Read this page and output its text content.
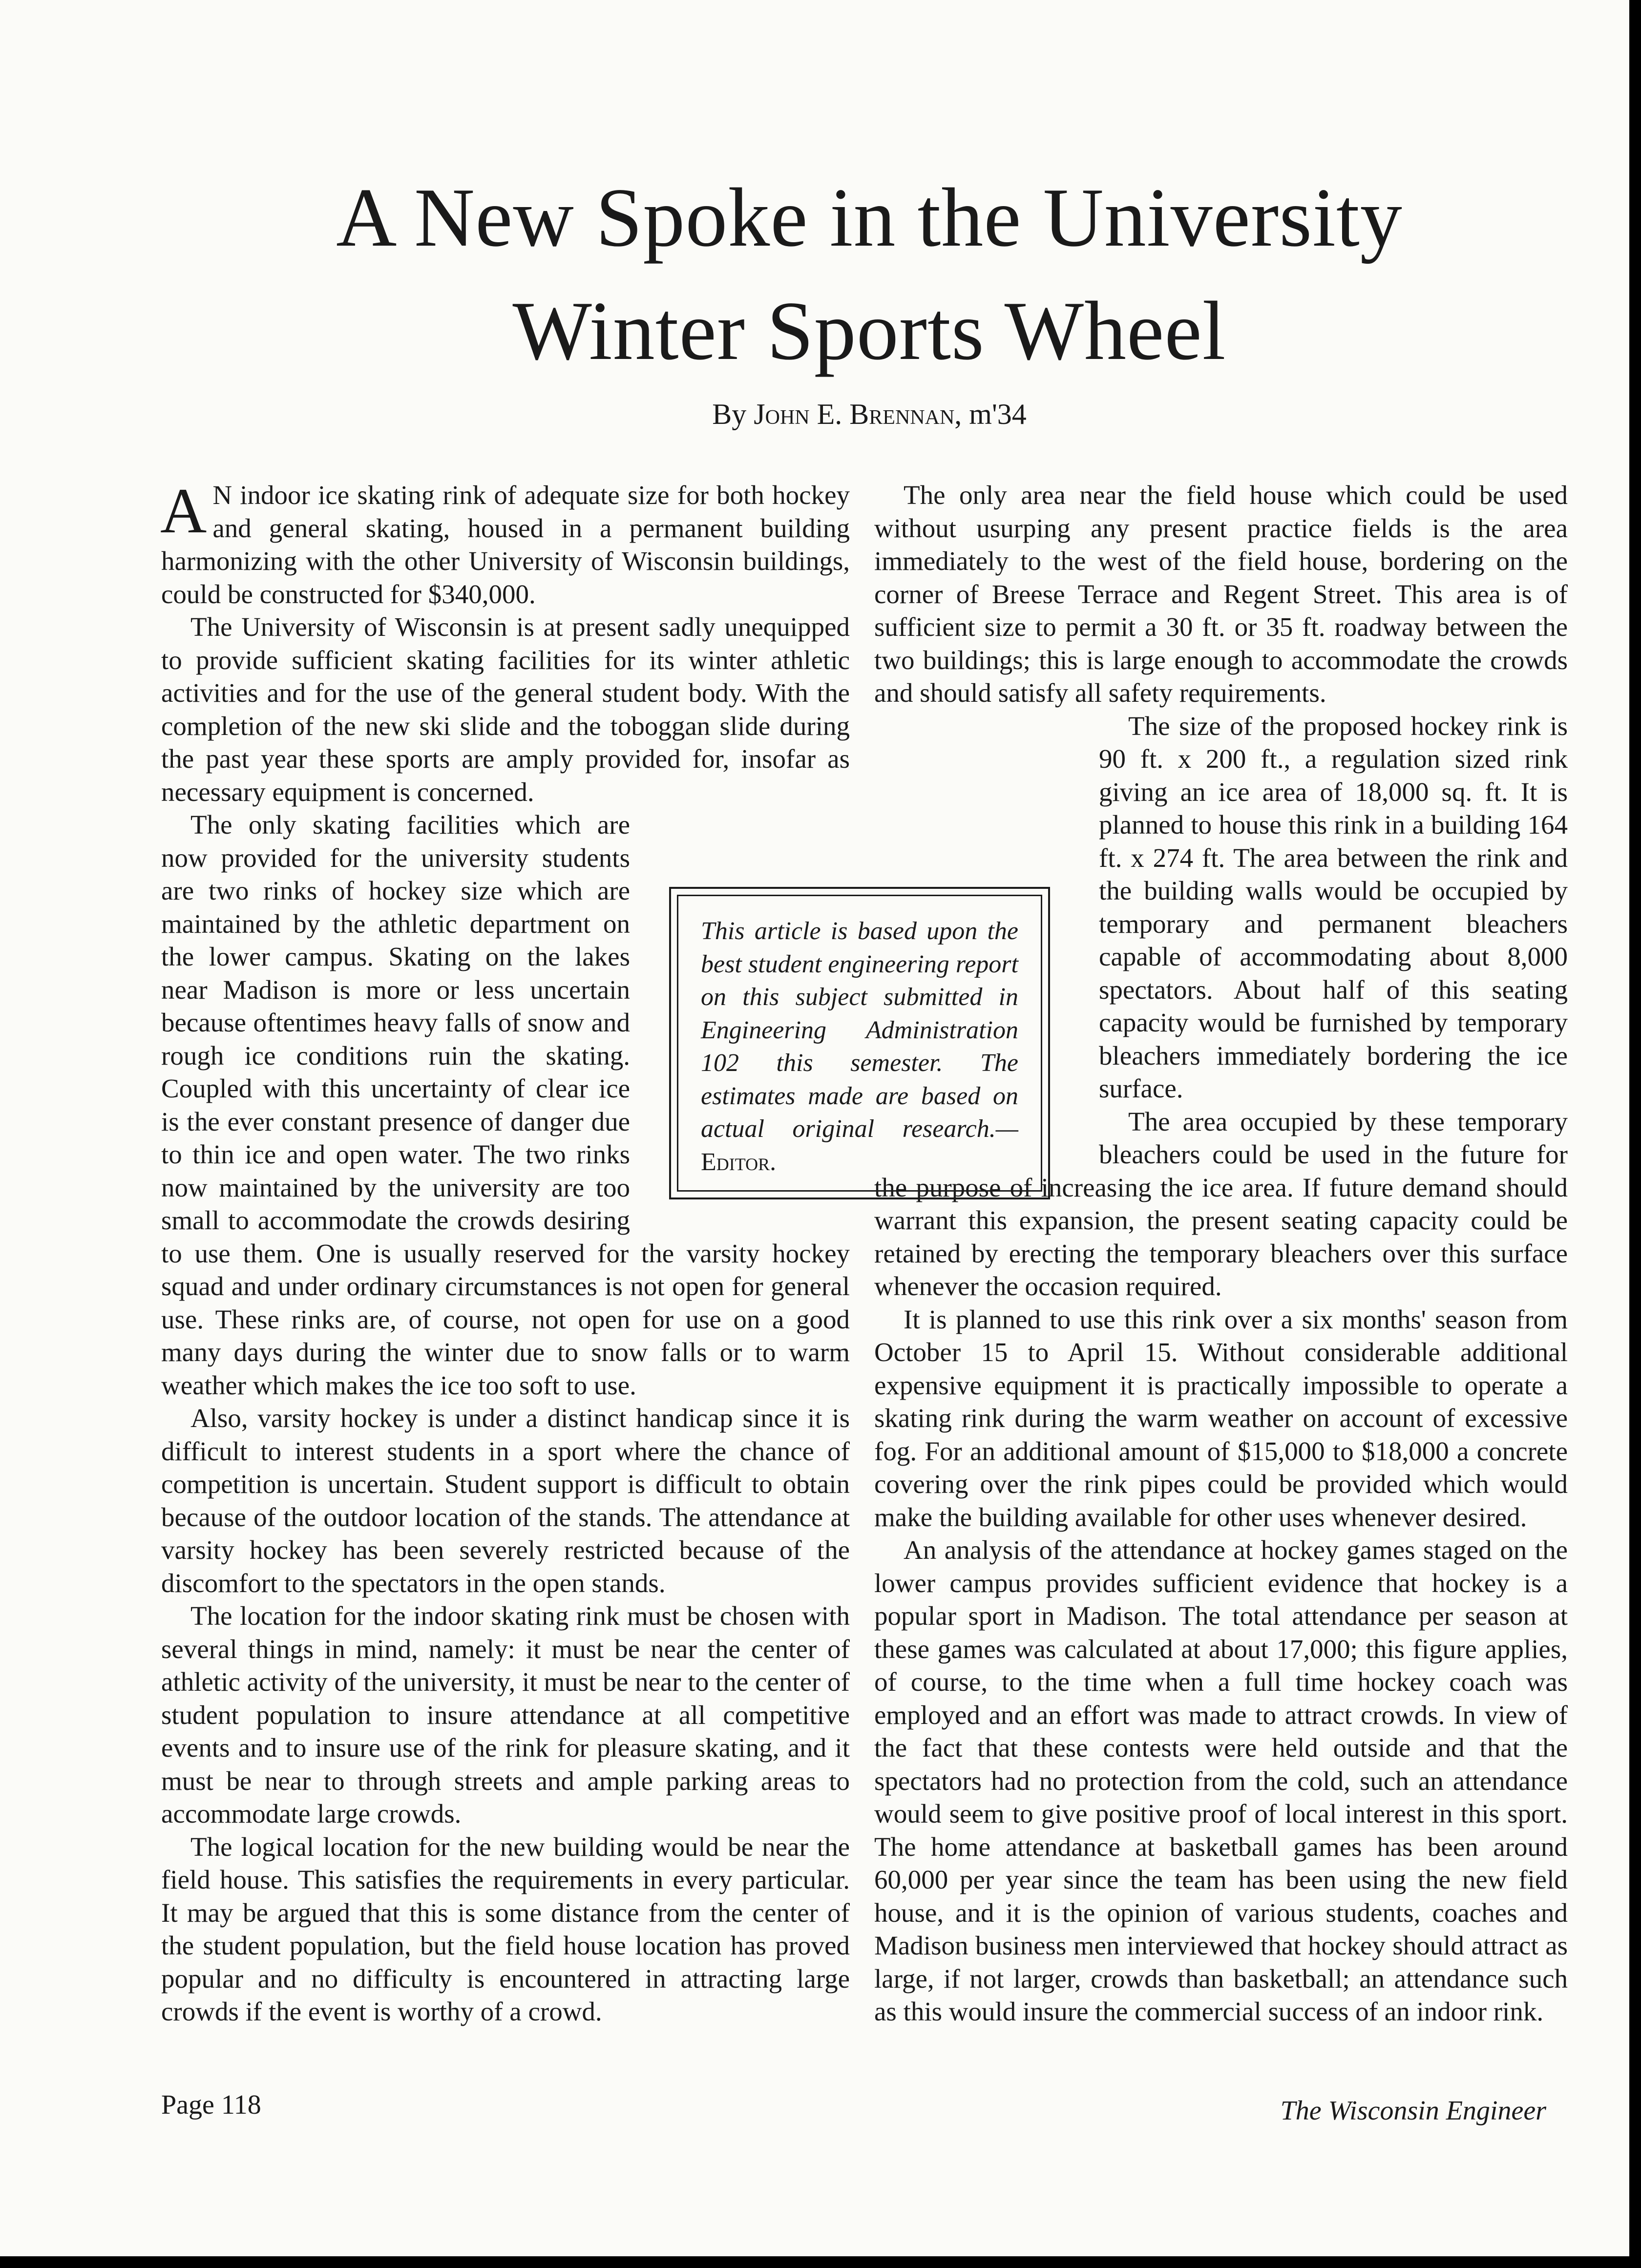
A New Spoke in the University
Winter Sports Wheel
By John E. Brennan, m'34

A N indoor ice skating rink of adequate size for both hockey and general skating, housed in a permanent building harmonizing with the other University of Wisconsin buildings, could be constructed for $340,000.

The University of Wisconsin is at present sadly unequipped to provide sufficient skating facilities for its winter athletic activities and for the use of the general student body. With the completion of the new ski slide and the toboggan slide during the past year these sports are amply provided for, insofar as necessary equipment is concerned.

The only skating facilities which are now provided for the university students are two rinks of hockey size which are maintained by the athletic department on the lower campus. Skating on the lakes near Madison is more or less uncertain because oftentimes heavy falls of snow and rough ice conditions ruin the skating. Coupled with this uncertainty of clear ice is the ever constant presence of danger due to thin ice and open water. The two rinks now maintained by the university are too small to accommodate the crowds desiring to use them. One is usually reserved for the varsity hockey squad and under ordinary circumstances is not open for general use. These rinks are, of course, not open for use on a good many days during the winter due to snow falls or to warm weather which makes the ice too soft to use.

Also, varsity hockey is under a distinct handicap since it is difficult to interest students in a sport where the chance of competition is uncertain. Student support is difficult to obtain because of the outdoor location of the stands. The attendance at varsity hockey has been severely restricted because of the discomfort to the spectators in the open stands.

The location for the indoor skating rink must be chosen with several things in mind, namely: it must be near the center of athletic activity of the university, it must be near to the center of student population to insure attendance at all competitive events and to insure use of the rink for pleasure skating, and it must be near to through streets and ample parking areas to accommodate large crowds.

The logical location for the new building would be near the field house. This satisfies the requirements in every particular. It may be argued that this is some distance from the center of the student population, but the field house location has proved popular and no difficulty is encountered in attracting large crowds if the event is worthy of a crowd.

The only area near the field house which could be used without usurping any present practice fields is the area immediately to the west of the field house, bordering on the corner of Breese Terrace and Regent Street. This area is of sufficient size to permit a 30 ft. or 35 ft. roadway between the two buildings; this is large enough to accommodate the crowds and should satisfy all safety requirements.

The size of the proposed hockey rink is 90 ft. x 200 ft., a regulation sized rink giving an ice area of 18,000 sq. ft. It is planned to house this rink in a building 164 ft. x 274 ft. The area between the rink and the building walls would be occupied by temporary and permanent bleachers capable of accommodating about 8,000 spectators. About half of this seating capacity would be furnished by temporary bleachers immediately bordering the ice surface.

The area occupied by these temporary bleachers could be used in the future for the purpose of increasing the ice area. If future demand should warrant this expansion, the present seating capacity could be retained by erecting the temporary bleachers over this surface whenever the occasion required.

It is planned to use this rink over a six months' season from October 15 to April 15. Without considerable additional expensive equipment it is practically impossible to operate a skating rink during the warm weather on account of excessive fog. For an additional amount of $15,000 to $18,000 a concrete covering over the rink pipes could be provided which would make the building available for other uses whenever desired.

An analysis of the attendance at hockey games staged on the lower campus provides sufficient evidence that hockey is a popular sport in Madison. The total attendance per season at these games was calculated at about 17,000; this figure applies, of course, to the time when a full time hockey coach was employed and an effort was made to attract crowds. In view of the fact that these contests were held outside and that the spectators had no protection from the cold, such an attendance would seem to give positive proof of local interest in this sport. The home attendance at basketball games has been around 60,000 per year since the team has been using the new field house, and it is the opinion of various students, coaches and Madison business men interviewed that hockey should attract as large, if not larger, crowds than basketball; an attendance such as this would insure the commercial success of an indoor rink.

This article is based upon the best student engineering report on this subject submitted in Engineering Administration 102 this semester. The estimates made are based on actual original research.—Editor.
Page 118	The Wisconsin Engineer
